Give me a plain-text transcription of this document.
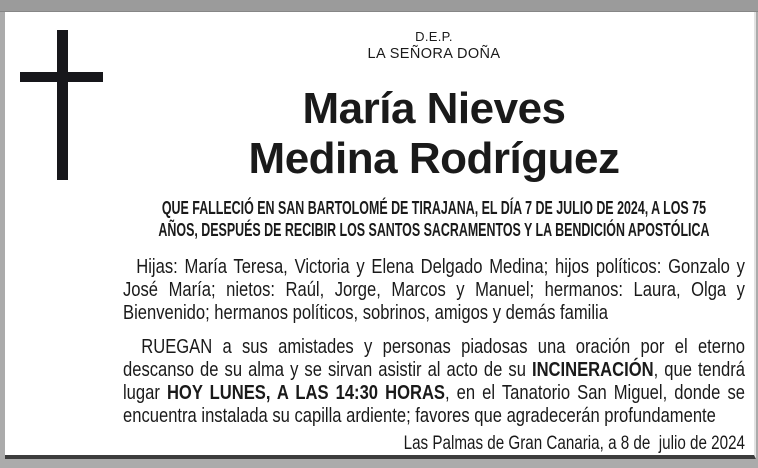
D.E.P.
LA SEÑORA DOÑA
María Nieves
Medina Rodríguez
QUE FALLECIÓ EN SAN BARTOLOMÉ DE TIRAJANA, EL DÍA 7 DE JULIO DE 2024, A LOS 75
AÑOS, DESPUÉS DE RECIBIR LOS SANTOS SACRAMENTOS Y LA BENDICIÓN APOSTÓLICA
Hijas: María Teresa, Victoria y Elena Delgado Medina; hijos políticos: Gonzalo y José María; nietos: Raúl, Jorge, Marcos y Manuel; hermanos: Laura, Olga y Bienvenido; hermanos políticos, sobrinos, amigos y demás familia
RUEGAN a sus amistades y personas piadosas una oración por el eterno descanso de su alma y se sirvan asistir al acto de su INCINERACIÓN, que tendrá lugar HOY LUNES, A LAS 14:30 HORAS, en el Tanatorio San Miguel, donde se encuentra instalada su capilla ardiente; favores que agradecerán profundamente
Las Palmas de Gran Canaria, a 8 de  julio de 2024
